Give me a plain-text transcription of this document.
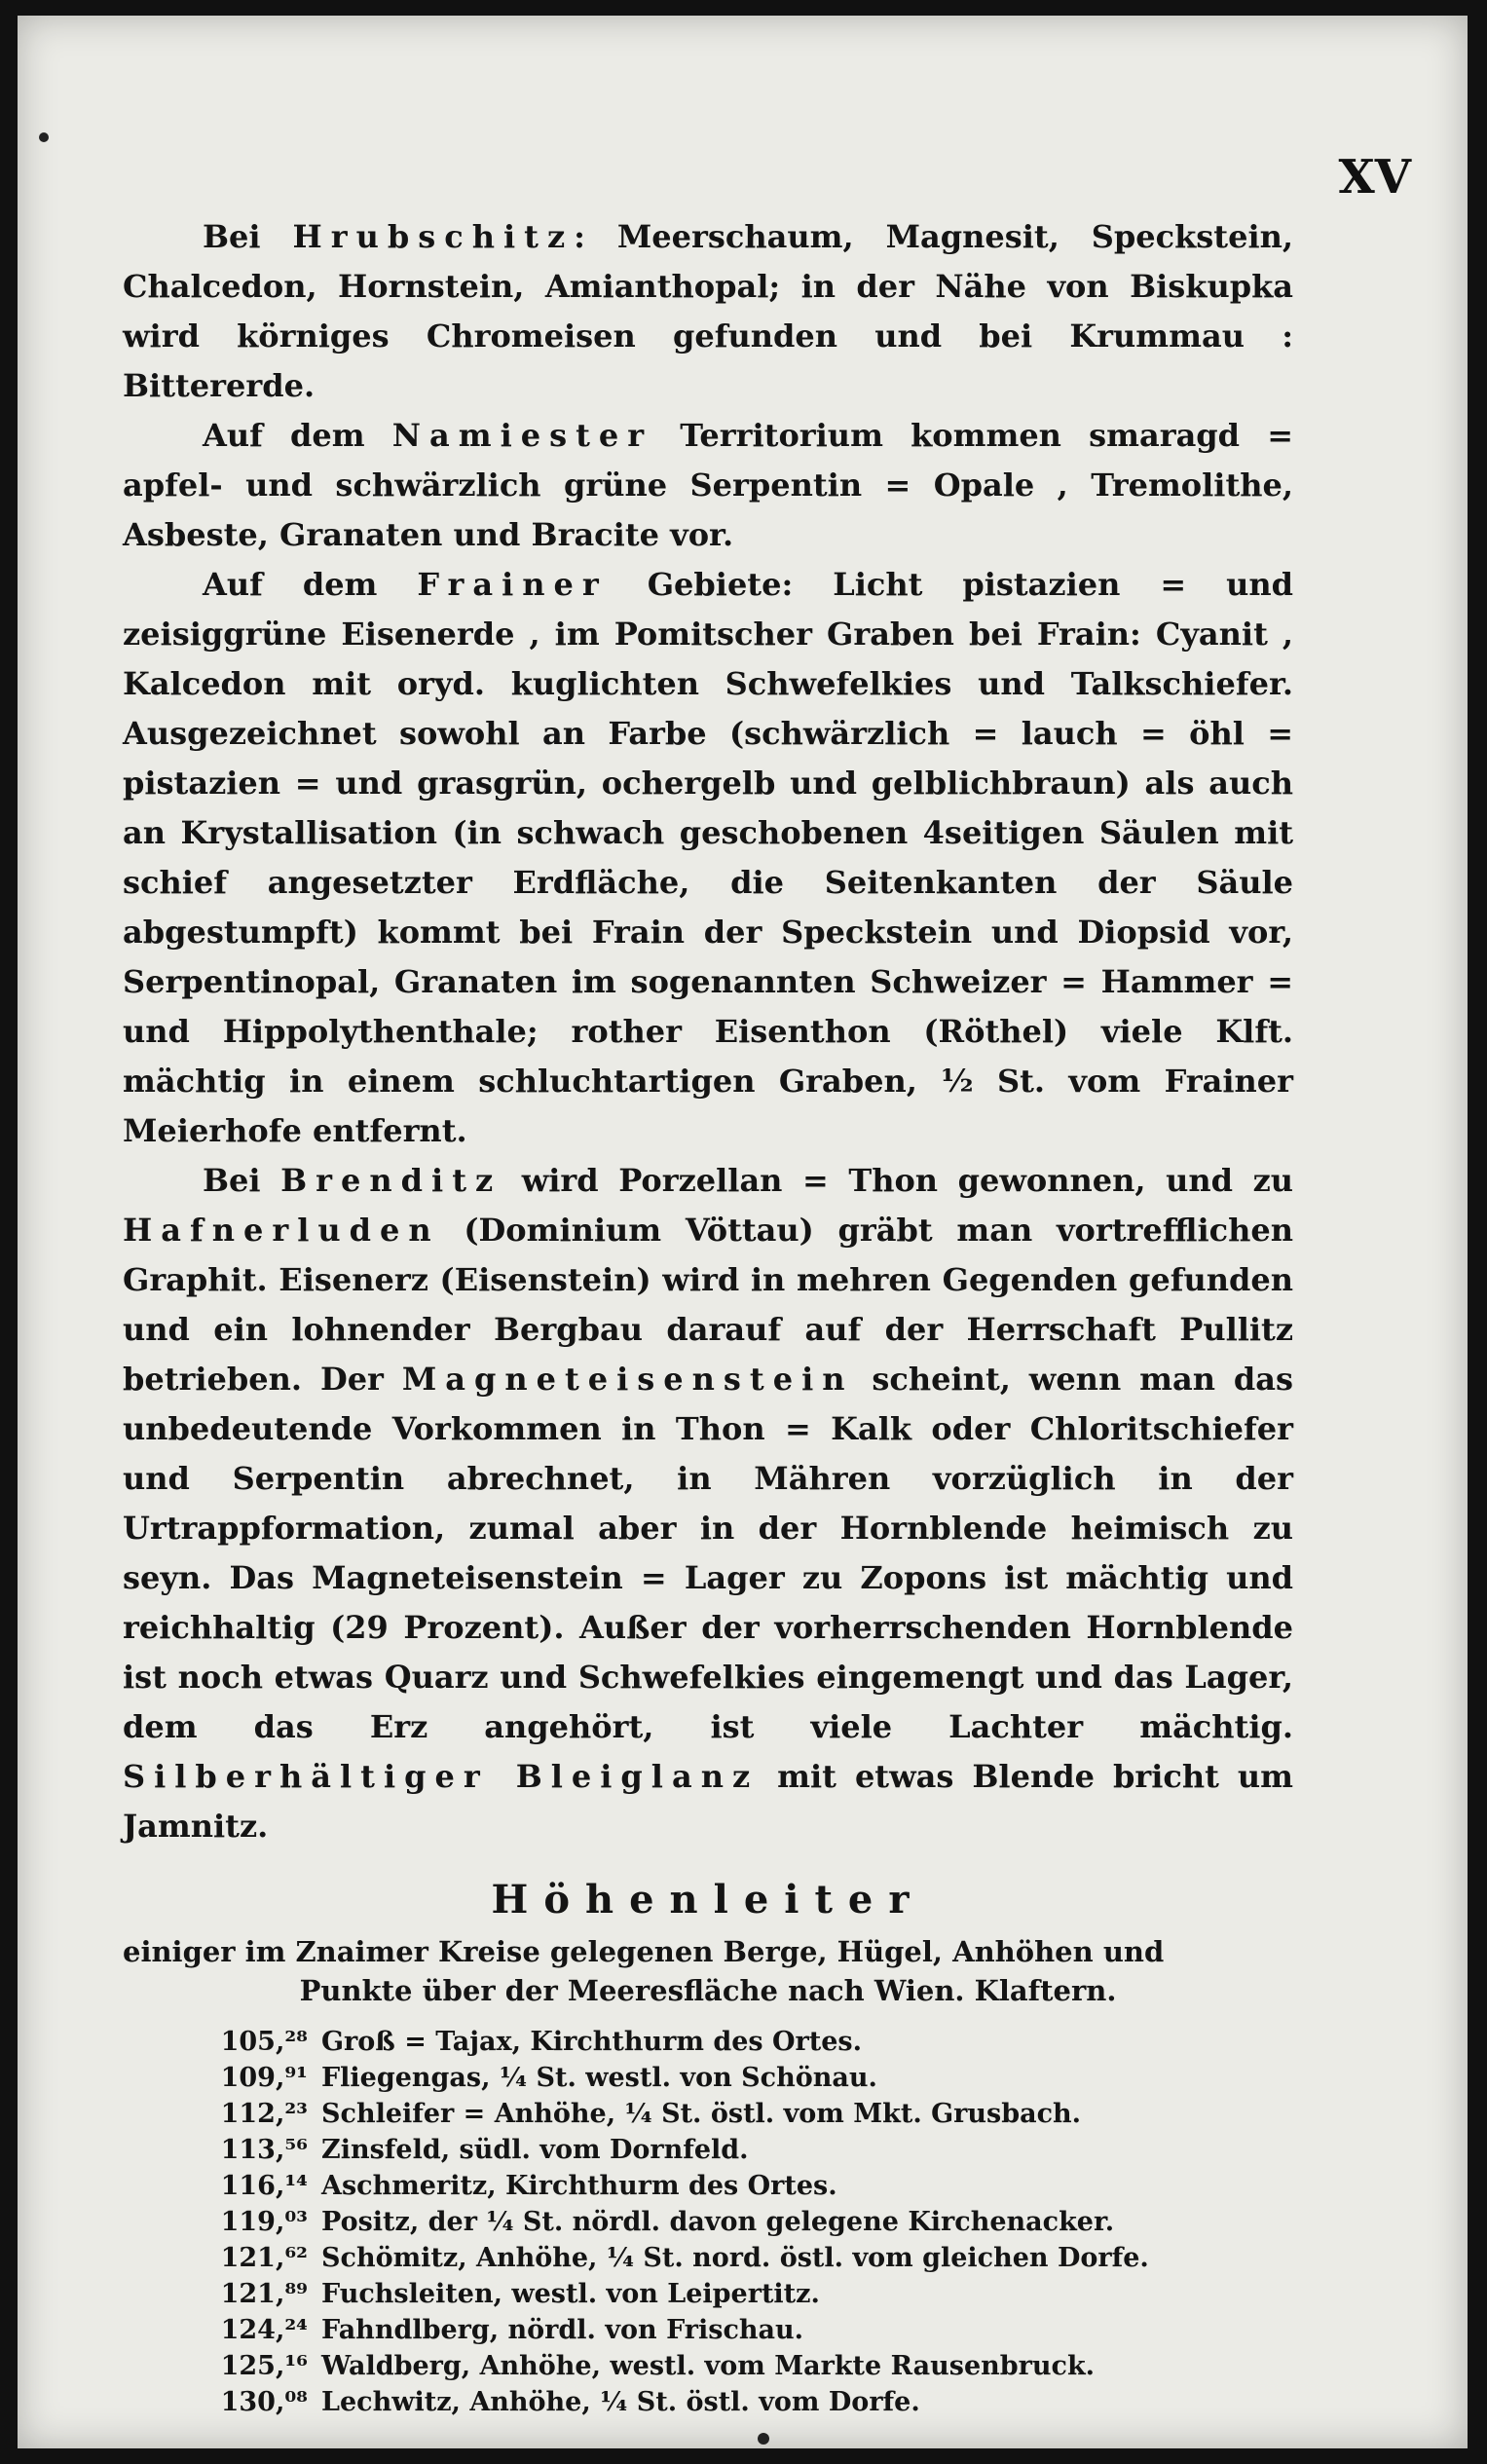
XV

Bei Hrubschitz: Meerschaum, Magnesit, Speckstein, Chalcedon, Hornstein, Amianthopal; in der Nähe von Biskupka wird körniges Chromeisen gefunden und bei Krummau : Bittererde.

Auf dem Namiester Territorium kommen smaragd = apfel- und schwärzlich grüne Serpentin = Opale , Tremolithe, Asbeste, Granaten und Bracite vor.

Auf dem Frainer Gebiete: Licht pistazien = und zeisiggrüne Eisenerde , im Pomitscher Graben bei Frain: Cyanit , Kalcedon mit oryd. kuglichten Schwefelkies und Talkschiefer. Ausgezeichnet sowohl an Farbe (schwärzlich = lauch = öhl = pistazien = und grasgrün, ochergelb und gelblichbraun) als auch an Krystallisation (in schwach geschobenen 4seitigen Säulen mit schief angesetzter Erdfläche, die Seitenkanten der Säule abgestumpft) kommt bei Frain der Speckstein und Diopsid vor, Serpentinopal, Granaten im sogenannten Schweizer = Hammer = und Hippolythenthale; rother Eisenthon (Röthel) viele Klft. mächtig in einem schluchtartigen Graben, ½ St. vom Frainer Meierhofe entfernt.

Bei Brenditz wird Porzellan = Thon gewonnen, und zu Hafnerluden (Dominium Vöttau) gräbt man vortrefflichen Graphit. Eisenerz (Eisenstein) wird in mehren Gegenden gefunden und ein lohnender Bergbau darauf auf der Herrschaft Pullitz betrieben. Der Magneteisenstein scheint, wenn man das unbedeutende Vorkommen in Thon = Kalk oder Chloritschiefer und Serpentin abrechnet, in Mähren vorzüglich in der Urtrappformation, zumal aber in der Hornblende heimisch zu seyn. Das Magneteisenstein = Lager zu Zopons ist mächtig und reichhaltig (29 Prozent). Außer der vorherrschenden Hornblende ist noch etwas Quarz und Schwefelkies eingemengt und das Lager, dem das Erz angehört, ist viele Lachter mächtig. Silberhältiger Bleiglanz mit etwas Blende bricht um Jamnitz.

Höhenleiter
einiger im Znaimer Kreise gelegenen Berge, Hügel, Anhöhen und
Punkte über der Meeresfläche nach Wien. Klaftern.
105,²⁸ Groß = Tajax, Kirchthurm des Ortes.
109,⁹¹ Fliegengas, ¼ St. westl. von Schönau.
112,²³ Schleifer = Anhöhe, ¼ St. östl. vom Mkt. Grusbach.
113,⁵⁶ Zinsfeld, südl. vom Dornfeld.
116,¹⁴ Aschmeritz, Kirchthurm des Ortes.
119,⁰³ Positz, der ¼ St. nördl. davon gelegene Kirchenacker.
121,⁶² Schömitz, Anhöhe, ¼ St. nord. östl. vom gleichen Dorfe.
121,⁸⁹ Fuchsleiten, westl. von Leipertitz.
124,²⁴ Fahndlberg, nördl. von Frischau.
125,¹⁶ Waldberg, Anhöhe, westl. vom Markte Rausenbruck.
130,⁰⁸ Lechwitz, Anhöhe, ¼ St. östl. vom Dorfe.
